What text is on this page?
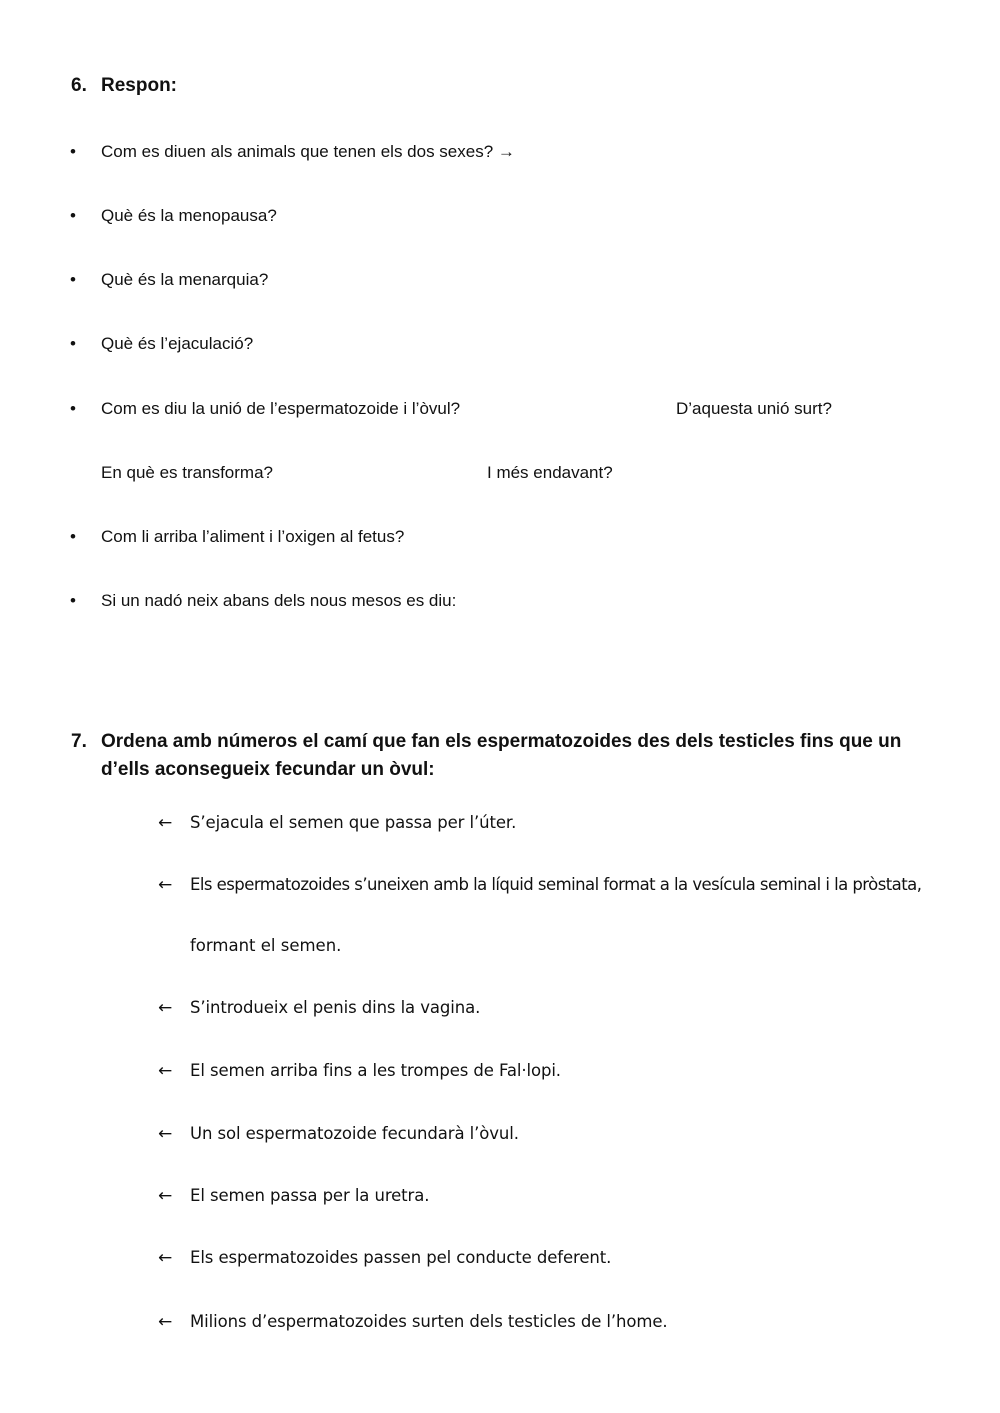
6. Respon:
•	Com es diuen als animals que tenen els dos sexes? →
•	Què és la menopausa?
•	Què és la menarquia?
•	Què és l’ejaculació?
•	Com es diu la unió de l’espermatozoide i l’òvul?	D’aquesta unió surt?
En què es transforma?	I més endavant?
•	Com li arriba l’aliment i l’oxigen al fetus?
•	Si un nadó neix abans dels nous mesos es diu:
7. Ordena amb números el camí que fan els espermatozoides des dels testicles fins que un d’ells aconsegueix fecundar un òvul:
← S’ejacula el semen que passa per l’úter.
← Els espermatozoides s’uneixen amb la líquid seminal format a la vesícula seminal i la pròstata,
formant el semen.
← S’introdueix el penis dins la vagina.
← El semen arriba fins a les trompes de Fal·lopi.
← Un sol espermatozoide fecundarà l’òvul.
← El semen passa per la uretra.
← Els espermatozoides passen pel conducte deferent.
← Milions d’espermatozoides surten dels testicles de l’home.
